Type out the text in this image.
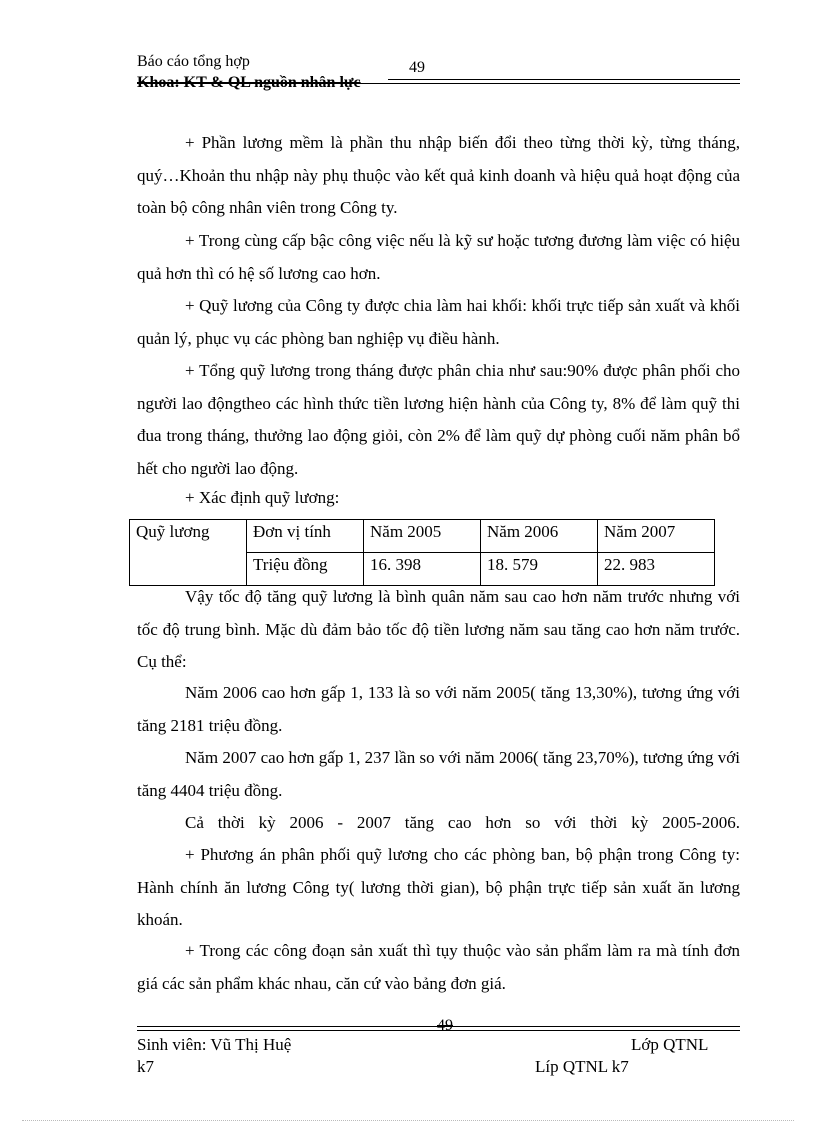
Báo cáo tổng hợp	49
Khoa: KT & QL nguồn nhân lực

+ Phần lương mềm là phần thu nhập biến đổi theo từng thời kỳ, từng tháng, quý…Khoản thu nhập này phụ thuộc vào kết quả kinh doanh và hiệu quả hoạt động của toàn bộ công nhân viên trong Công ty.

+ Trong cùng cấp bậc công việc nếu là kỹ sư hoặc tương đương làm việc có hiệu quả hơn thì có hệ số lương cao hơn.

+ Quỹ lương của Công ty được chia làm hai khối: khối trực tiếp sản xuất và khối quản lý, phục vụ các phòng ban nghiệp vụ điều hành.

+ Tổng quỹ lương trong tháng được phân chia như sau:90% được phân phối cho người lao độngtheo các hình thức tiền lương hiện hành của Công ty, 8% để làm quỹ thi đua trong tháng, thưởng lao động giỏi, còn 2% để làm quỹ dự phòng cuối năm phân bổ hết cho người lao động.

+ Xác định quỹ lương:

Quỹ lương	Đơn vị tính	Năm 2005	Năm 2006	Năm 2007
	Triệu đồng	16. 398	18. 579	22. 983

Vậy tốc độ tăng quỹ lương là bình quân năm sau cao hơn năm trước nhưng với tốc độ trung bình. Mặc dù đảm bảo tốc độ tiền lương năm sau tăng cao hơn năm trước. Cụ thể:

Năm 2006 cao hơn gấp 1, 133 là so với năm 2005( tăng 13,30%), tương ứng với tăng 2181 triệu đồng.

Năm 2007 cao hơn gấp 1, 237 lần so với năm 2006( tăng 23,70%), tương ứng với tăng 4404 triệu đồng.

Cả thời kỳ 2006 - 2007 tăng cao hơn so với thời kỳ 2005-2006.

+ Phương án phân phối quỹ lương cho các phòng ban, bộ phận trong Công ty: Hành chính ăn lương Công ty( lương thời gian), bộ phận trực tiếp sản xuất ăn lương khoán.

+ Trong các công đoạn sản xuất thì tụy thuộc vào sản phẩm làm ra mà tính đơn giá các sản phẩm khác nhau, căn cứ vào bảng đơn giá.

49
Sinh viên: Vũ Thị Huệ	Lớp QTNL
k7	Líp QTNL k7
